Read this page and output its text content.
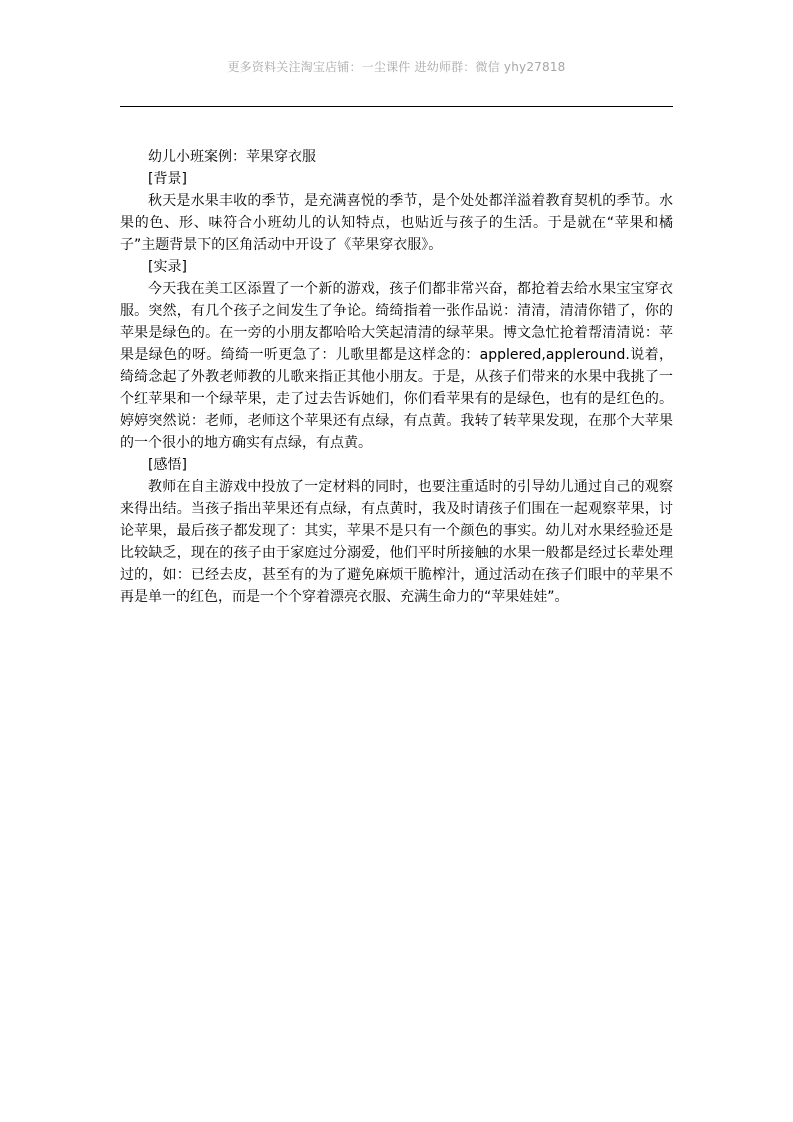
更多资料关注淘宝店铺：一尘课件 进幼师群：微信 yhy27818

幼儿小班案例：苹果穿衣服

[背景]

秋天是水果丰收的季节，是充满喜悦的季节，是个处处都洋溢着教育契机的季节。水果的色、形、味符合小班幼儿的认知特点，也贴近与孩子的生活。于是就在“苹果和橘子”主题背景下的区角活动中开设了《苹果穿衣服》。

[实录]

今天我在美工区添置了一个新的游戏，孩子们都非常兴奋，都抢着去给水果宝宝穿衣服。突然，有几个孩子之间发生了争论。绮绮指着一张作品说：清清，清清你错了，你的苹果是绿色的。在一旁的小朋友都哈哈大笑起清清的绿苹果。博文急忙抢着帮清清说：苹果是绿色的呀。绮绮一听更急了：儿歌里都是这样念的：applered,appleround.说着，绮绮念起了外教老师教的儿歌来指正其他小朋友。于是，从孩子们带来的水果中我挑了一个红苹果和一个绿苹果，走了过去告诉她们，你们看苹果有的是绿色，也有的是红色的。婷婷突然说：老师，老师这个苹果还有点绿，有点黄。我转了转苹果发现，在那个大苹果的一个很小的地方确实有点绿，有点黄。

[感悟]

教师在自主游戏中投放了一定材料的同时，也要注重适时的引导幼儿通过自己的观察来得出结。当孩子指出苹果还有点绿，有点黄时，我及时请孩子们围在一起观察苹果，讨论苹果，最后孩子都发现了：其实，苹果不是只有一个颜色的事实。幼儿对水果经验还是比较缺乏，现在的孩子由于家庭过分溺爱，他们平时所接触的水果一般都是经过长辈处理过的，如：已经去皮，甚至有的为了避免麻烦干脆榨汁，通过活动在孩子们眼中的苹果不再是单一的红色，而是一个个穿着漂亮衣服、充满生命力的“苹果娃娃”。
